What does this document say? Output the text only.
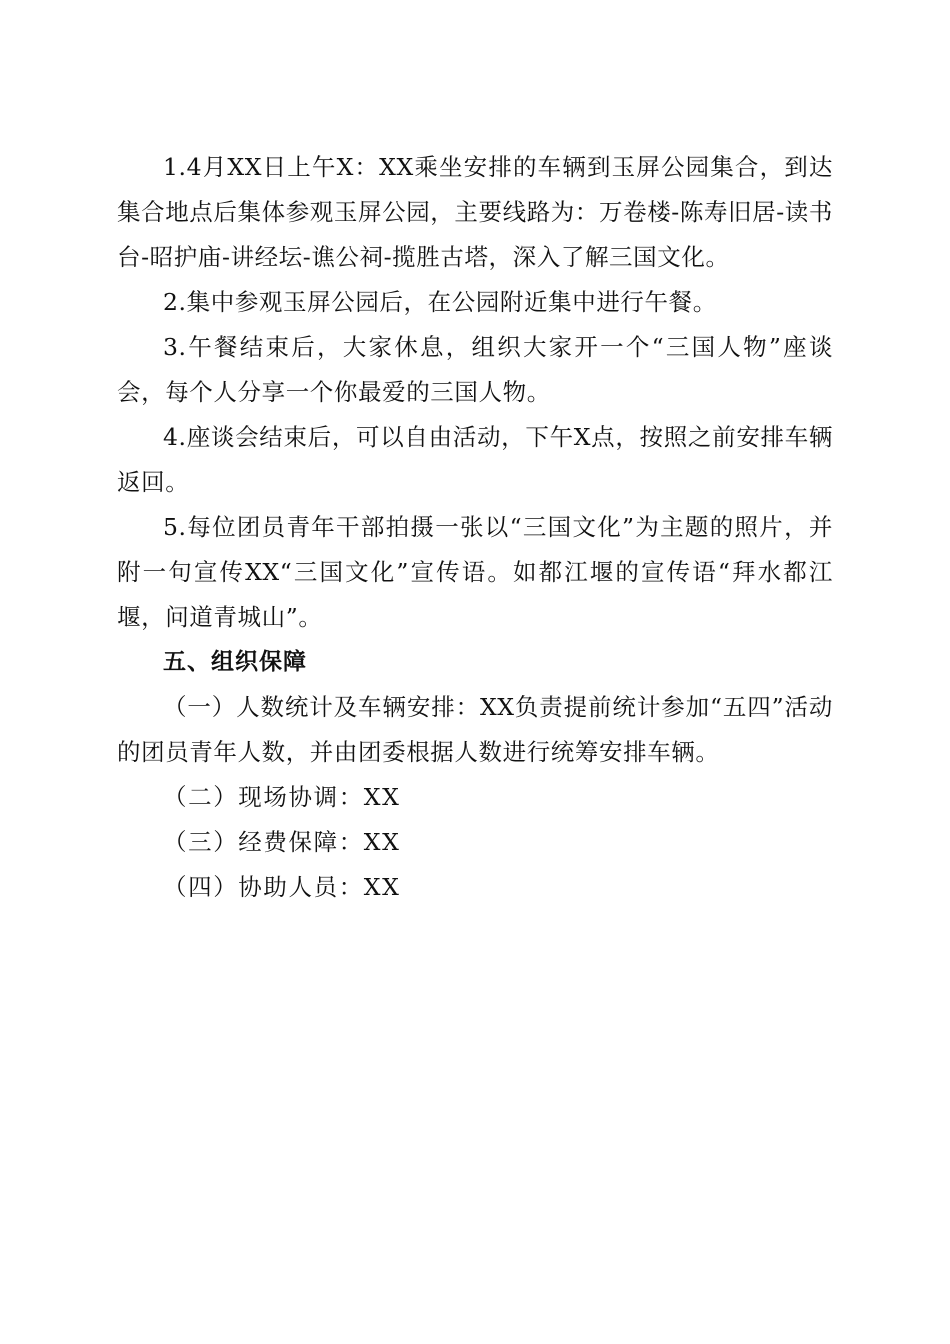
1.4月XX日上午X：XX乘坐安排的车辆到玉屏公园集合，到达集合地点后集体参观玉屏公园，主要线路为：万卷楼-陈寿旧居-读书台-昭护庙-讲经坛-谯公祠-揽胜古塔，深入了解三国文化。

2.集中参观玉屏公园后，在公园附近集中进行午餐。

3.午餐结束后，大家休息，组织大家开一个“三国人物”座谈会，每个人分享一个你最爱的三国人物。

4.座谈会结束后，可以自由活动，下午X点，按照之前安排车辆返回。

5.每位团员青年干部拍摄一张以“三国文化”为主题的照片，并附一句宣传XX“三国文化”宣传语。如都江堰的宣传语“拜水都江堰，问道青城山”。

五、组织保障

（一）人数统计及车辆安排：XX负责提前统计参加“五四”活动的团员青年人数，并由团委根据人数进行统筹安排车辆。

（二）现场协调：XX

（三）经费保障：XX

（四）协助人员：XX
